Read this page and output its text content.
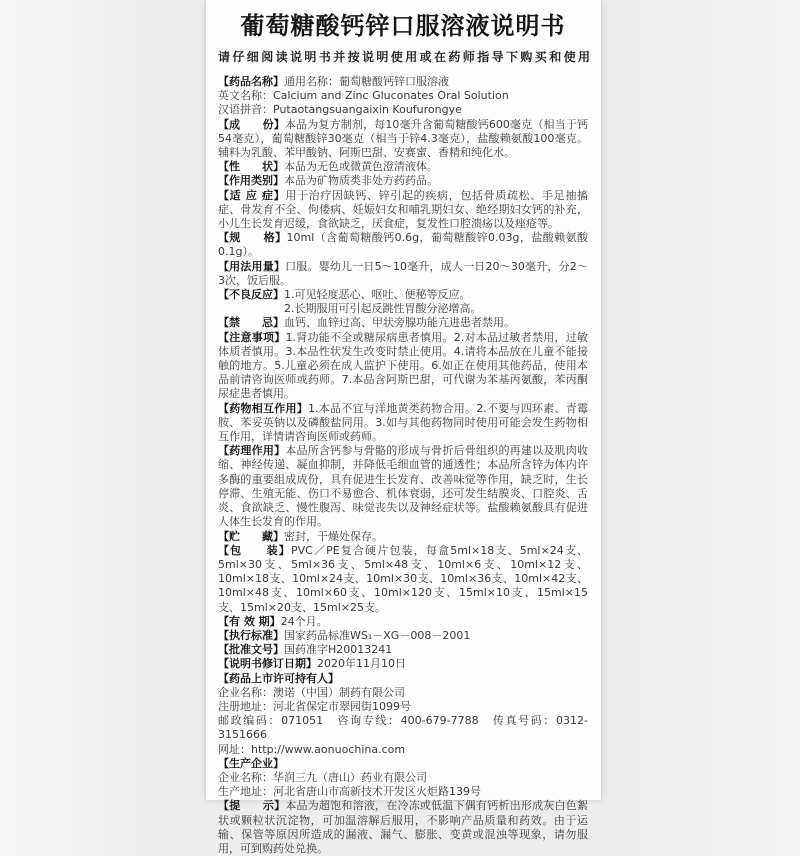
葡萄糖酸钙锌口服溶液说明书
请仔细阅读说明书并按说明使用或在药师指导下购买和使用

【药品名称】通用名称：葡萄糖酸钙锌口服溶液

英文名称：Calcium and Zinc Gluconates Oral Solution

汉语拼音：Putaotangsuangaixin Koufurongye

【成　　份】本品为复方制剂，每10毫升含葡萄糖酸钙600毫克（相当于钙54毫克），葡萄糖酸锌30毫克（相当于锌4.3毫克），盐酸赖氨酸100毫克。辅料为乳酸、苯甲酸钠、阿斯巴甜、安赛蜜、香精和纯化水。

【性　　状】本品为无色或微黄色澄清液体。

【作用类别】本品为矿物质类非处方药药品。

【适 应 症】用于治疗因缺钙、锌引起的疾病，包括骨质疏松、手足抽搐症、骨发育不全、佝偻病、妊娠妇女和哺乳期妇女、绝经期妇女钙的补充，小儿生长发育迟缓，食欲缺乏，厌食症，复发性口腔溃疡以及痤疮等。

【规　　格】10ml（含葡萄糖酸钙0.6g，葡萄糖酸锌0.03g，盐酸赖氨酸0.1g）。

【用法用量】口服。婴幼儿一日5～10毫升，成人一日20～30毫升，分2～3次，饭后服。

【不良反应】1.可见轻度恶心、呕吐、便秘等反应。

2.长期服用可引起反跳性胃酸分泌增高。

【禁　　忌】血钙、血锌过高、甲状旁腺功能亢进患者禁用。

【注意事项】1.肾功能不全或糖尿病患者慎用。2.对本品过敏者禁用，过敏体质者慎用。3.本品性状发生改变时禁止使用。4.请将本品放在儿童不能接触的地方。5.儿童必须在成人监护下使用。6.如正在使用其他药品，使用本品前请咨询医师或药师。7.本品含阿斯巴甜，可代谢为苯基丙氨酸，苯丙酮尿症患者慎用。

【药物相互作用】1.本品不宜与洋地黄类药物合用。2.不要与四环素、青霉胺、苯妥英钠以及磷酸盐同用。3.如与其他药物同时使用可能会发生药物相互作用，详情请咨询医师或药师。

【药理作用】本品所含钙参与骨骼的形成与骨折后骨组织的再建以及肌肉收缩、神经传递、凝血抑制，并降低毛细血管的通透性；本品所含锌为体内许多酶的重要组成成份，具有促进生长发育、改善味觉等作用，缺乏时，生长停滞、生殖无能、伤口不易愈合、机体衰弱，还可发生结膜炎、口腔炎、舌炎、食欲缺乏、慢性腹泻、味觉丧失以及神经症状等。盐酸赖氨酸具有促进人体生长发育的作用。

【贮　　藏】密封，干燥处保存。

【包　　装】PVC／PE复合硬片包装，每盒5ml×18支、5ml×24支、5ml×30支、5ml×36支、5ml×48支、10ml×6支、10ml×12支、10ml×18支、10ml×24支、10ml×30支、10ml×36支、10ml×42支、10ml×48支、10ml×60支、10ml×120支、15ml×10支、15ml×15支、15ml×20支、15ml×25支。

【有 效 期】24个月。

【执行标准】国家药品标准WS₁－XG－008－2001

【批准文号】国药准字H20013241

【说明书修订日期】2020年11月10日

【药品上市许可持有人】

企业名称：澳诺（中国）制药有限公司

注册地址：河北省保定市翠园街1099号

邮政编码：071051　咨询专线：400-679-7788　传真号码：0312-3151666

网址：http://www.aonuochina.com

【生产企业】

企业名称：华润三九（唐山）药业有限公司

生产地址：河北省唐山市高新技术开发区火炬路139号

【提　　示】本品为超饱和溶液，在冷冻或低温下偶有钙析出形成灰白色絮状或颗粒状沉淀物，可加温溶解后服用，不影响产品质量和药效。由于运输、保管等原因所造成的漏液、漏气、膨胀、变黄或混浊等现象，请勿服用，可到购药处兑换。
